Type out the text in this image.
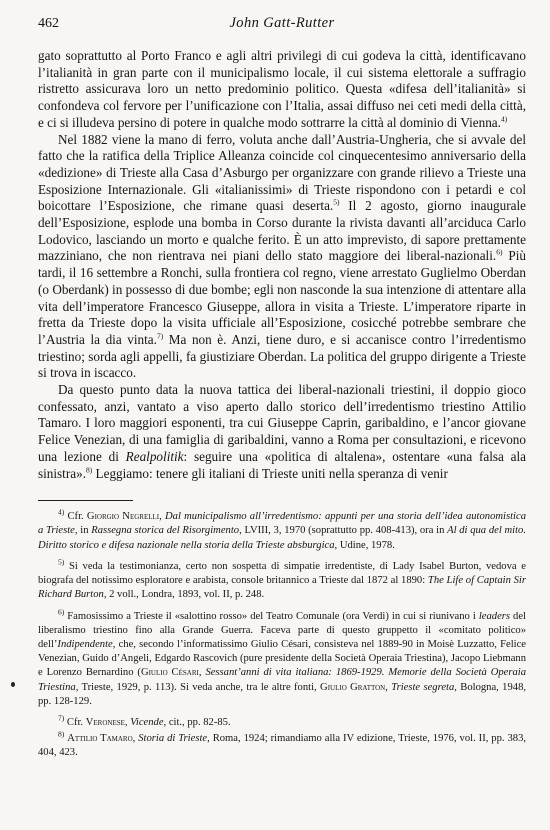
462	John Gatt-Rutter

gato soprattutto al Porto Franco e agli altri privilegi di cui godeva la città, identificavano l’italianità in gran parte con il municipalismo locale, il cui sistema elettorale a suffragio ristretto assicurava loro un netto predominio politico. Questa «difesa dell’italianità» si confondeva col fervore per l’unificazione con l’Italia, assai diffuso nei ceti medi della città, e ci si illudeva persino di potere in qualche modo sottrarre la città al dominio di Vienna.$^{4)}$

Nel 1882 viene la mano di ferro, voluta anche dall’Austria-Ungheria, che si avvale del fatto che la ratifica della Triplice Alleanza coincide col cinquecentesimo anniversario della «dedizione» di Trieste alla Casa d’Asburgo per organizzare con grande rilievo a Trieste una Esposizione Internazionale. Gli «italianissimi» di Trieste rispondono con i petardi e col boicottare l’Esposizione, che rimane quasi deserta.$^{5)}$ Il 2 agosto, giorno inaugurale dell’Esposizione, esplode una bomba in Corso durante la rivista davanti all’arciduca Carlo Lodovico, lasciando un morto e qualche ferito. È un atto imprevisto, di sapore prettamente mazziniano, che non rientrava nei piani dello stato maggiore dei liberal-nazionali.$^{6)}$ Più tardi, il 16 settembre a Ronchi, sulla frontiera col regno, viene arrestato Guglielmo Oberdan (o Oberdank) in possesso di due bombe; egli non nasconde la sua intenzione di attentare alla vita dell’imperatore Francesco Giuseppe, allora in visita a Trieste. L’imperatore riparte in fretta da Trieste dopo la visita ufficiale all’Esposizione, cosicché potrebbe sembrare che l’Austria la dia vinta.$^{7)}$ Ma non è. Anzi, tiene duro, e si accanisce contro l’irredentismo triestino; sorda agli appelli, fa giustiziare Oberdan. La politica del gruppo dirigente a Trieste si trova in iscacco.

Da questo punto data la nuova tattica dei liberal-nazionali triestini, il doppio gioco confessato, anzi, vantato a viso aperto dallo storico dell’irredentismo triestino Attilio Tamaro. I loro maggiori esponenti, tra cui Giuseppe Caprin, garibaldino, e l’ancor giovane Felice Venezian, di una famiglia di garibaldini, vanno a Roma per consultazioni, e ricevono una lezione di Realpolitik: seguire una «politica di altalena», ostentare «una falsa ala sinistra».$^{8)}$ Leggiamo: tenere gli italiani di Trieste uniti nella speranza di venir

$^{4)}$ Cfr. Giorgio Negrelli, Dal municipalismo all’irredentismo: appunti per una storia dell’idea autonomistica a Trieste, in Rassegna storica del Risorgimento, LVIII, 3, 1970 (soprattutto pp. 408-413), ora in Al di qua del mito. Diritto storico e difesa nazionale nella storia della Trieste absburgica, Udine, 1978.

$^{5)}$ Si veda la testimonianza, certo non sospetta di simpatie irredentiste, di Lady Isabel Burton, vedova e biografa del notissimo esploratore e arabista, console britannico a Trieste dal 1872 al 1890: The Life of Captain Sir Richard Burton, 2 voll., Londra, 1893, vol. II, p. 248.

$^{6)}$ Famosissimo a Trieste il «salottino rosso» del Teatro Comunale (ora Verdi) in cui si riunivano i leaders del liberalismo triestino fino alla Grande Guerra. Faceva parte di questo gruppetto il «comitato politico» dell’Indipendente, che, secondo l’informatissimo Giulio Césari, consisteva nel 1889-90 in Moisè Luzzatto, Felice Venezian, Guido d’Angeli, Edgardo Rascovich (pure presidente della Società Operaia Triestina), Jacopo Liebmann e Lorenzo Bernardino (Giulio Césari, Sessant’anni di vita italiana: 1869-1929. Memorie della Società Operaia Triestina, Trieste, 1929, p. 113). Si veda anche, tra le altre fonti, Giulio Gratton, Trieste segreta, Bologna, 1948, pp. 128-129.

$^{7)}$ Cfr. Veronese, Vicende, cit., pp. 82-85.

$^{8)}$ Attilio Tamaro, Storia di Trieste, Roma, 1924; rimandiamo alla IV edizione, Trieste, 1976, vol. II, pp. 383, 404, 423.
